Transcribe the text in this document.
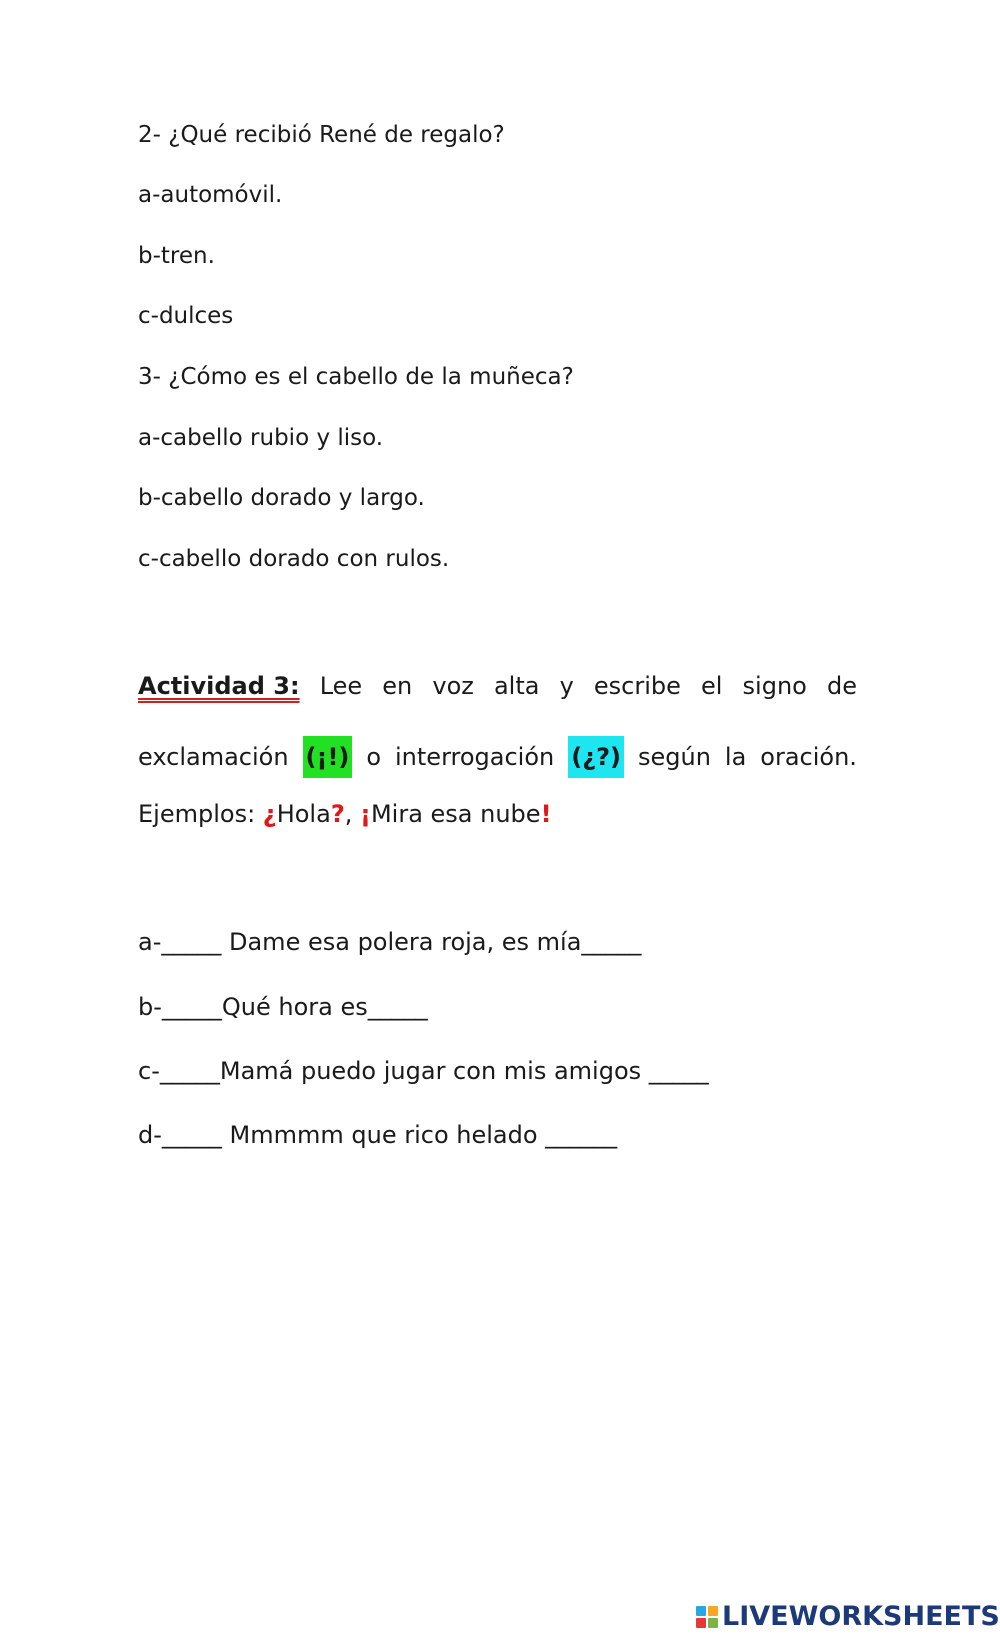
2- ¿Qué recibió René de regalo?
a-automóvil.
b-tren.
c-dulces
3- ¿Cómo es el cabello de la muñeca?
a-cabello rubio y liso.
b-cabello dorado y largo.
c-cabello dorado con rulos.
Actividad 3: Lee en voz alta y escribe el signo de
exclamación (¡!) o interrogación (¿?) según la oración.
Ejemplos: ¿Hola?, ¡Mira esa nube!
a-_____ Dame esa polera roja, es mía_____
b-_____Qué hora es_____
c-_____Mamá puedo jugar con mis amigos _____
d-_____ Mmmmm que rico helado ______
LIVEWORKSHEETS
